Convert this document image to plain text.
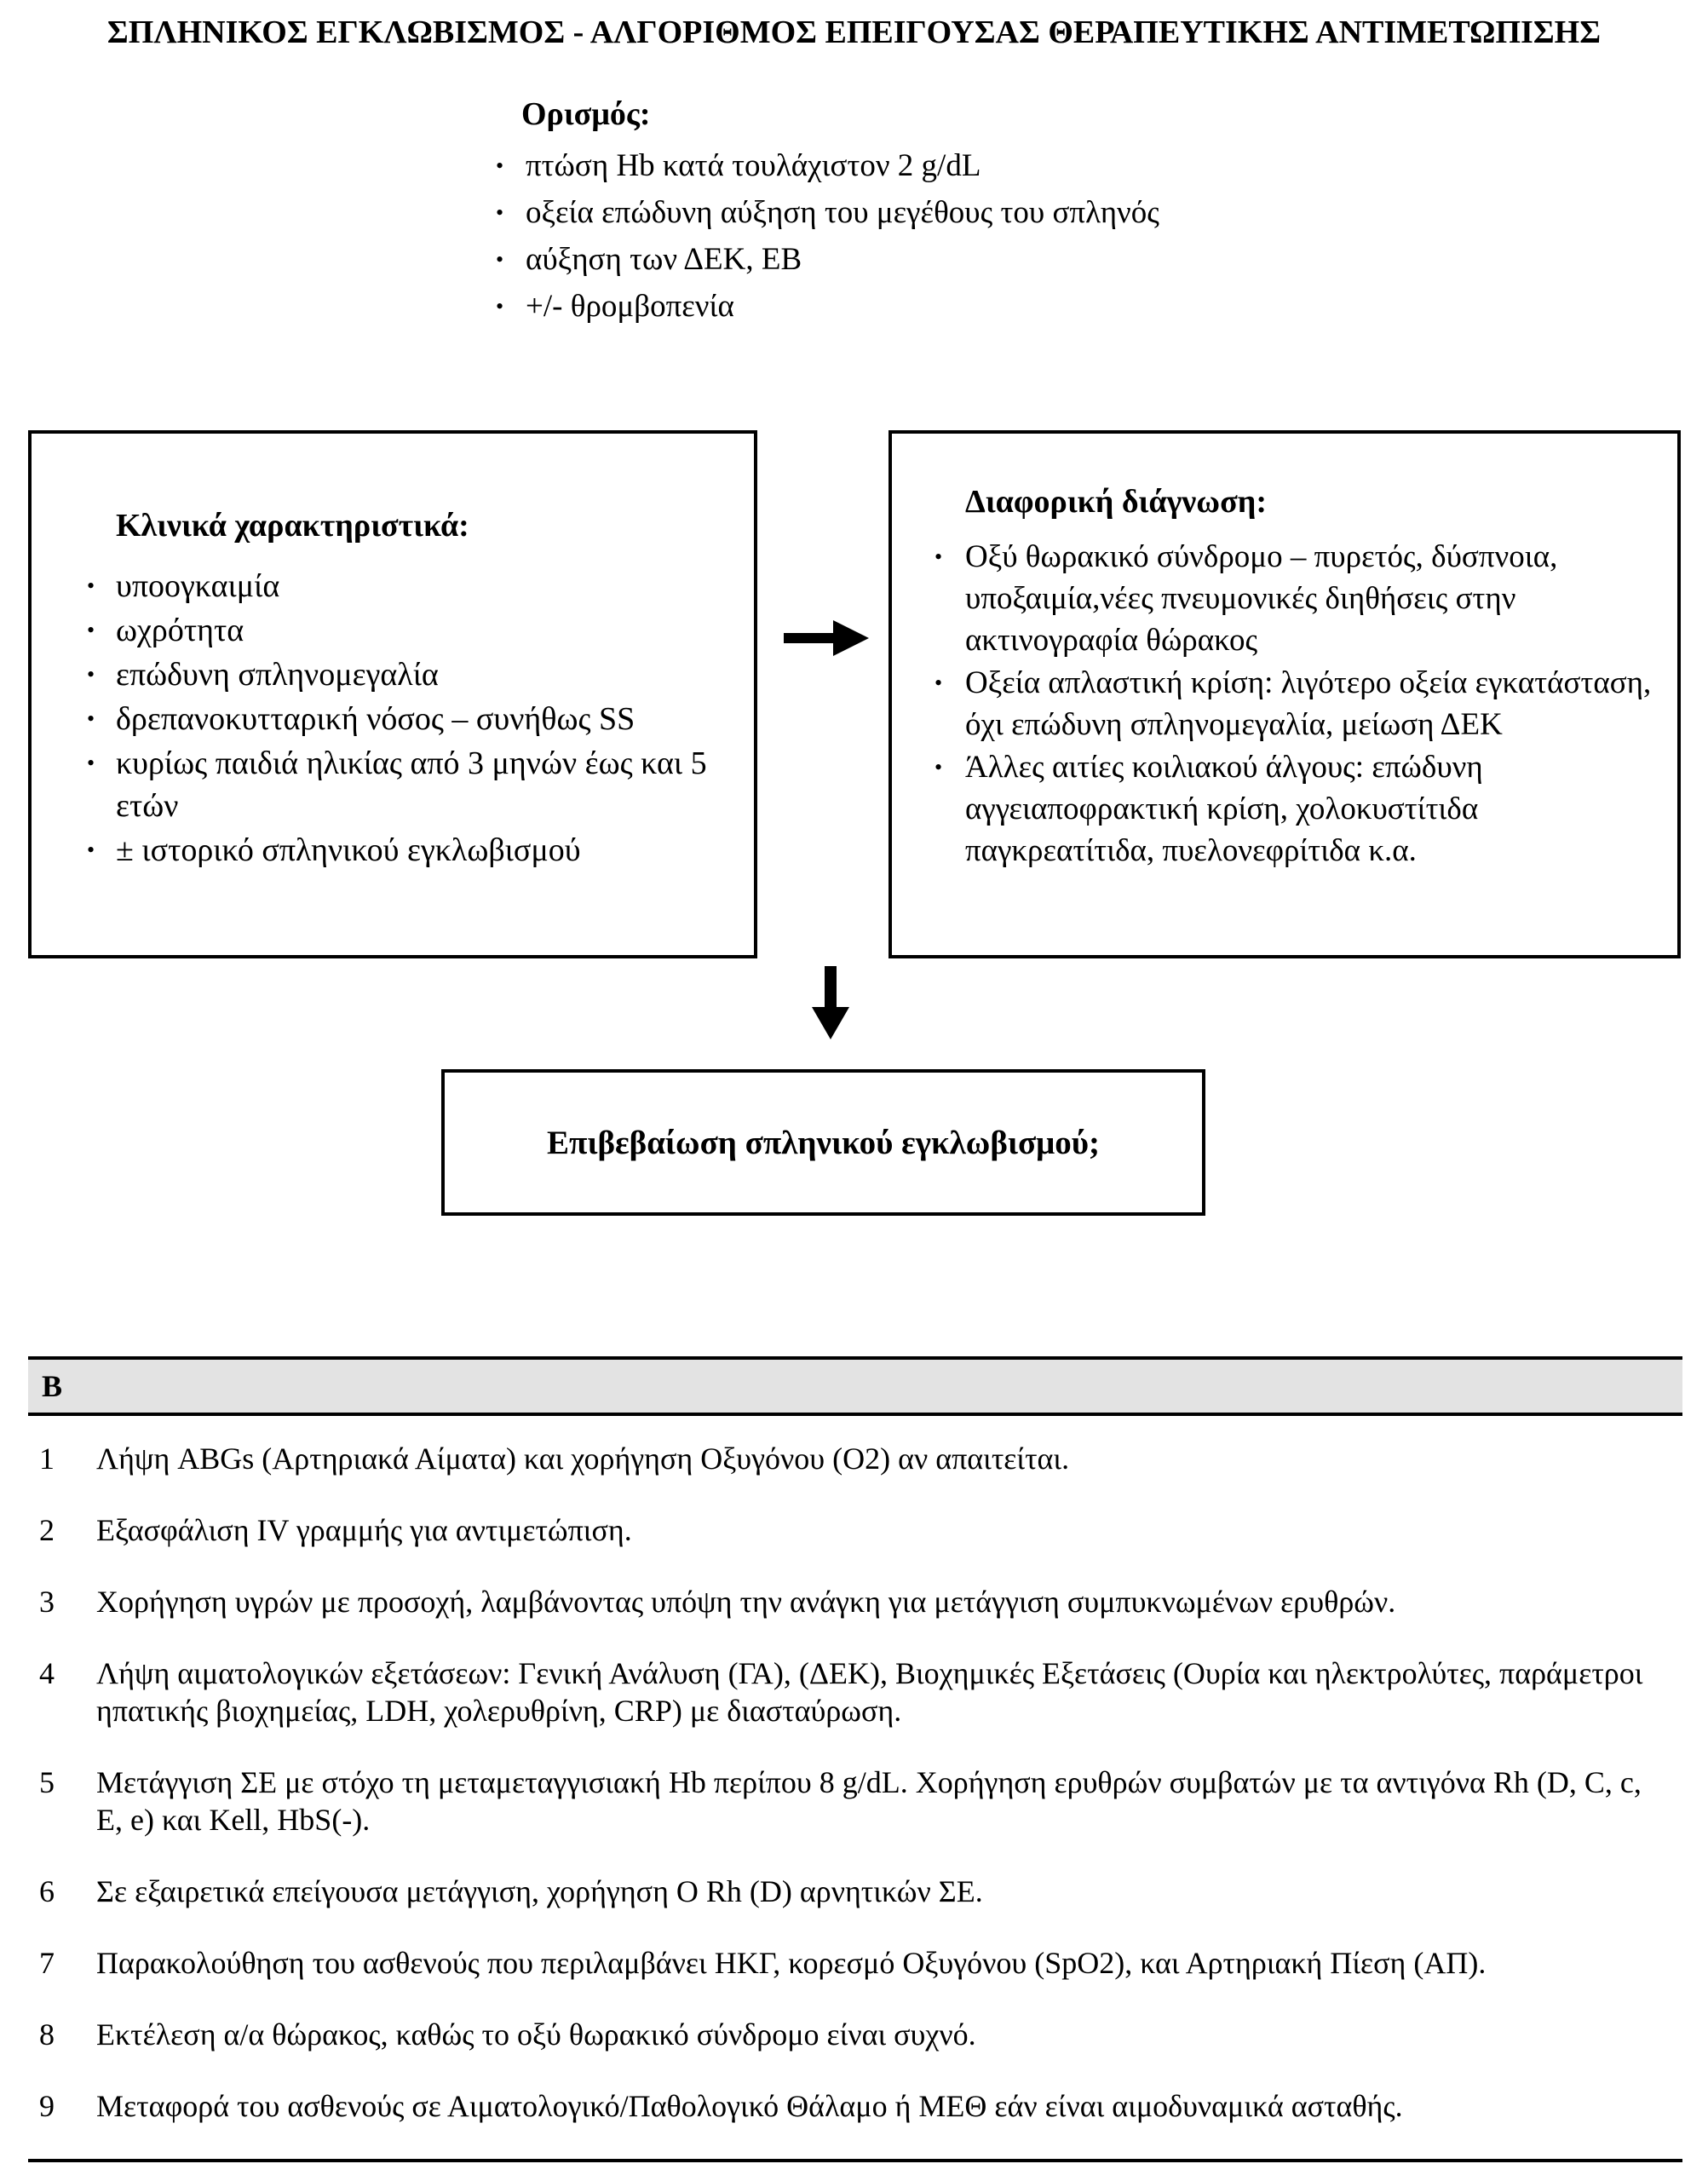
ΣΠΛΗΝΙΚΟΣ ΕΓΚΛΩΒΙΣΜΟΣ - ΑΛΓΟΡΙΘΜΟΣ ΕΠΕΙΓΟΥΣΑΣ ΘΕΡΑΠΕΥΤΙΚΗΣ ΑΝΤΙΜΕΤΩΠΙΣΗΣ
Ορισμός:
• πτώση Hb κατά τουλάχιστον 2 g/dL
• οξεία επώδυνη αύξηση του μεγέθους του σπληνός
• αύξηση των ΔΕΚ, ΕΒ
• +/- θρομβοπενία
Κλινικά χαρακτηριστικά:
• υποογκαιμία
• ωχρότητα
• επώδυνη σπληνομεγαλία
• δρεπανοκυτταρική νόσος – συνήθως SS
• κυρίως παιδιά ηλικίας από 3 μηνών έως και 5 ετών
• ± ιστορικό σπληνικού εγκλωβισμού
Διαφορική διάγνωση:
• Οξύ θωρακικό σύνδρομο – πυρετός, δύσπνοια, υποξαιμία,νέες πνευμονικές διηθήσεις στην ακτινογραφία θώρακος
• Οξεία απλαστική κρίση: λιγότερο οξεία εγκατάσταση, όχι επώδυνη σπληνομεγαλία, μείωση ΔΕΚ
• Άλλες αιτίες κοιλιακού άλγους: επώδυνη αγγειαποφρακτική κρίση, χολοκυστίτιδα παγκρεατίτιδα, πυελονεφρίτιδα κ.α.
Επιβεβαίωση σπληνικού εγκλωβισμού;
Β
1	Λήψη ABGs (Αρτηριακά Αίματα) και χορήγηση Οξυγόνου (Ο2) αν απαιτείται.
2	Εξασφάλιση IV γραμμής για αντιμετώπιση.
3	Χορήγηση υγρών με προσοχή, λαμβάνοντας υπόψη την ανάγκη για μετάγγιση συμπυκνωμένων ερυθρών.
4	Λήψη αιματολογικών εξετάσεων: Γενική Ανάλυση (ΓΑ), (ΔΕΚ), Βιοχημικές Εξετάσεις (Ουρία και ηλεκτρολύτες, παράμετροι ηπατικής βιοχημείας, LDH, χολερυθρίνη, CRP) με διασταύρωση.
5	Μετάγγιση ΣΕ με στόχο τη μεταμεταγγισιακή Hb περίπου 8 g/dL. Χορήγηση ερυθρών συμβατών με τα αντιγόνα Rh (D, C, c, E, e) και Kell, HbS(-).
6	Σε εξαιρετικά επείγουσα μετάγγιση, χορήγηση Ο Rh (D) αρνητικών ΣΕ.
7	Παρακολούθηση του ασθενούς που περιλαμβάνει ΗΚΓ, κορεσμό Οξυγόνου (SpO2), και Αρτηριακή Πίεση (ΑΠ).
8	Εκτέλεση α/α θώρακος, καθώς το οξύ θωρακικό σύνδρομο είναι συχνό.
9	Μεταφορά του ασθενούς σε Αιματολογικό/Παθολογικό Θάλαμο ή ΜΕΘ εάν είναι αιμοδυναμικά ασταθής.
